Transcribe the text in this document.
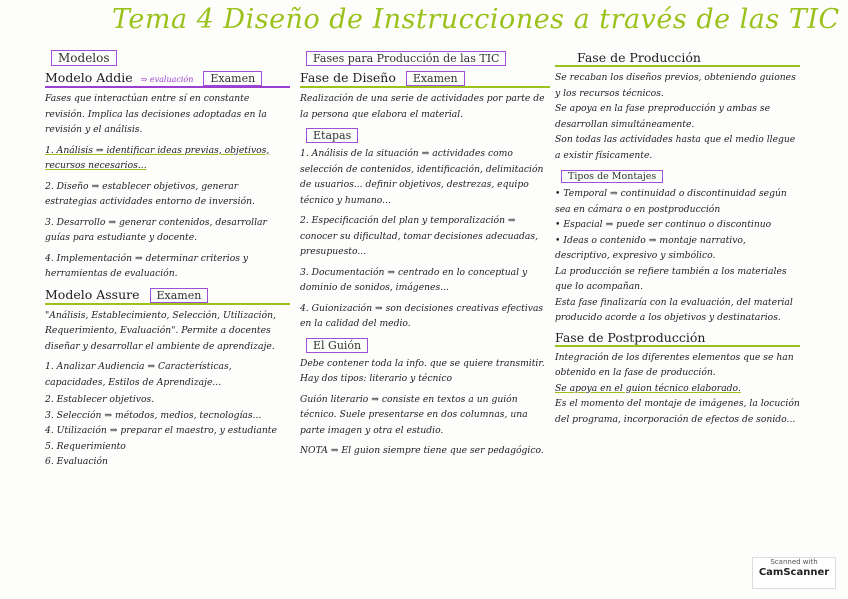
Tema 4 Diseño de Instrucciones a través de las TIC
Modelos
Modelo Addie ⇒ evaluación Examen
Fases que interactúan entre sí en constante revisión. Implica las decisiones adoptadas en la revisión y el análisis.
1. Análisis ⇒ identificar ideas previas, objetivos, recursos necesarios...
2. Diseño ⇒ establecer objetivos, generar estrategias actividades entorno de inversión.
3. Desarrollo ⇒ generar contenidos, desarrollar guías para estudiante y docente.
4. Implementación ⇒ determinar criterios y herramientas de evaluación.
Modelo Assure Examen
"Análisis, Establecimiento, Selección, Utilización, Requerimiento, Evaluación". Permite a docentes diseñar y desarrollar el ambiente de aprendizaje.
1. Analizar Audiencia ⇒ Características, capacidades, Estilos de Aprendizaje...
2. Establecer objetivos.
3. Selección ⇒ métodos, medios, tecnologías...
4. Utilización ⇒ preparar el maestro, y estudiante
5. Requerimiento
6. Evaluación
Fases para Producción de las TIC
Fase de Diseño Examen
Realización de una serie de actividades por parte de la persona que elabora el material.
Etapas
1. Análisis de la situación ⇒ actividades como selección de contenidos, identificación, delimitación de usuarios... definir objetivos, destrezas, equipo técnico y humano...
2. Especificación del plan y temporalización ⇒ conocer su dificultad, tomar decisiones adecuadas, presupuesto...
3. Documentación ⇒ centrado en lo conceptual y dominio de sonidos, imágenes...
4. Guionización ⇒ son decisiones creativas efectivas en la calidad del medio.
El Guión
Debe contener toda la info. que se quiere transmitir. Hay dos tipos: literario y técnico
Guión literario ⇒ consiste en textos a un guión técnico. Suele presentarse en dos columnas, una parte imagen y otra el estudio.
NOTA ⇒ El guion siempre tiene que ser pedagógico.
Fase de Producción
Se recaban los diseños previos, obteniendo guiones y los recursos técnicos.
Se apoya en la fase preproducción y ambas se desarrollan simultáneamente.
Son todas las actividades hasta que el medio llegue a existir físicamente.
Tipos de Montajes
• Temporal ⇒ continuidad o discontinuidad según sea en cámara o en postproducción
• Espacial ⇒ puede ser continuo o discontinuo
• Ideas o contenido ⇒ montaje narrativo, descriptivo, expresivo y simbólico.
La producción se refiere también a los materiales que lo acompañan.
Esta fase finalizaría con la evaluación, del material producido acorde a los objetivos y destinatarios.
Fase de Postproducción
Integración de los diferentes elementos que se han obtenido en la fase de producción.
Se apoya en el guion técnico elaborado.
Es el momento del montaje de imágenes, la locución del programa, incorporación de efectos de sonido...
Scanned with
CamScanner
